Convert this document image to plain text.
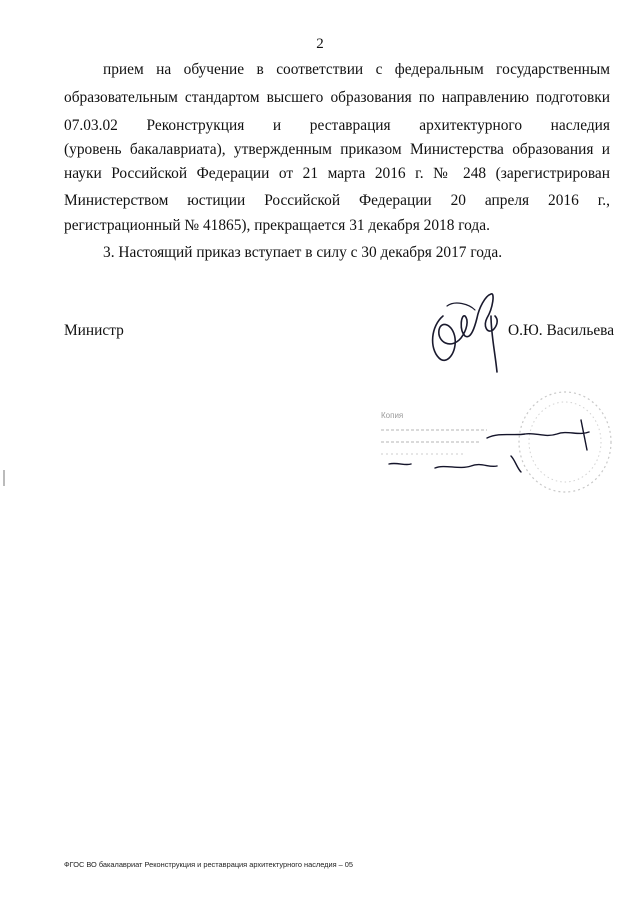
2
прием на обучение в соответствии с федеральным государственным
образовательным стандартом высшего образования по направлению подготовки
07.03.02 Реконструкция и реставрация архитектурного наследия
(уровень бакалавриата), утвержденным приказом Министерства образования и
науки Российской Федерации от 21 марта 2016 г. № 248 (зарегистрирован
Министерством юстиции Российской Федерации 20 апреля 2016 г.,
регистрационный № 41865), прекращается 31 декабря 2018 года.
3. Настоящий приказ вступает в силу с 30 декабря 2017 года.
Министр	О.Ю. Васильева
Копия
ФГОС ВО бакалавриат Реконструкция и реставрация архитектурного наследия – 05
